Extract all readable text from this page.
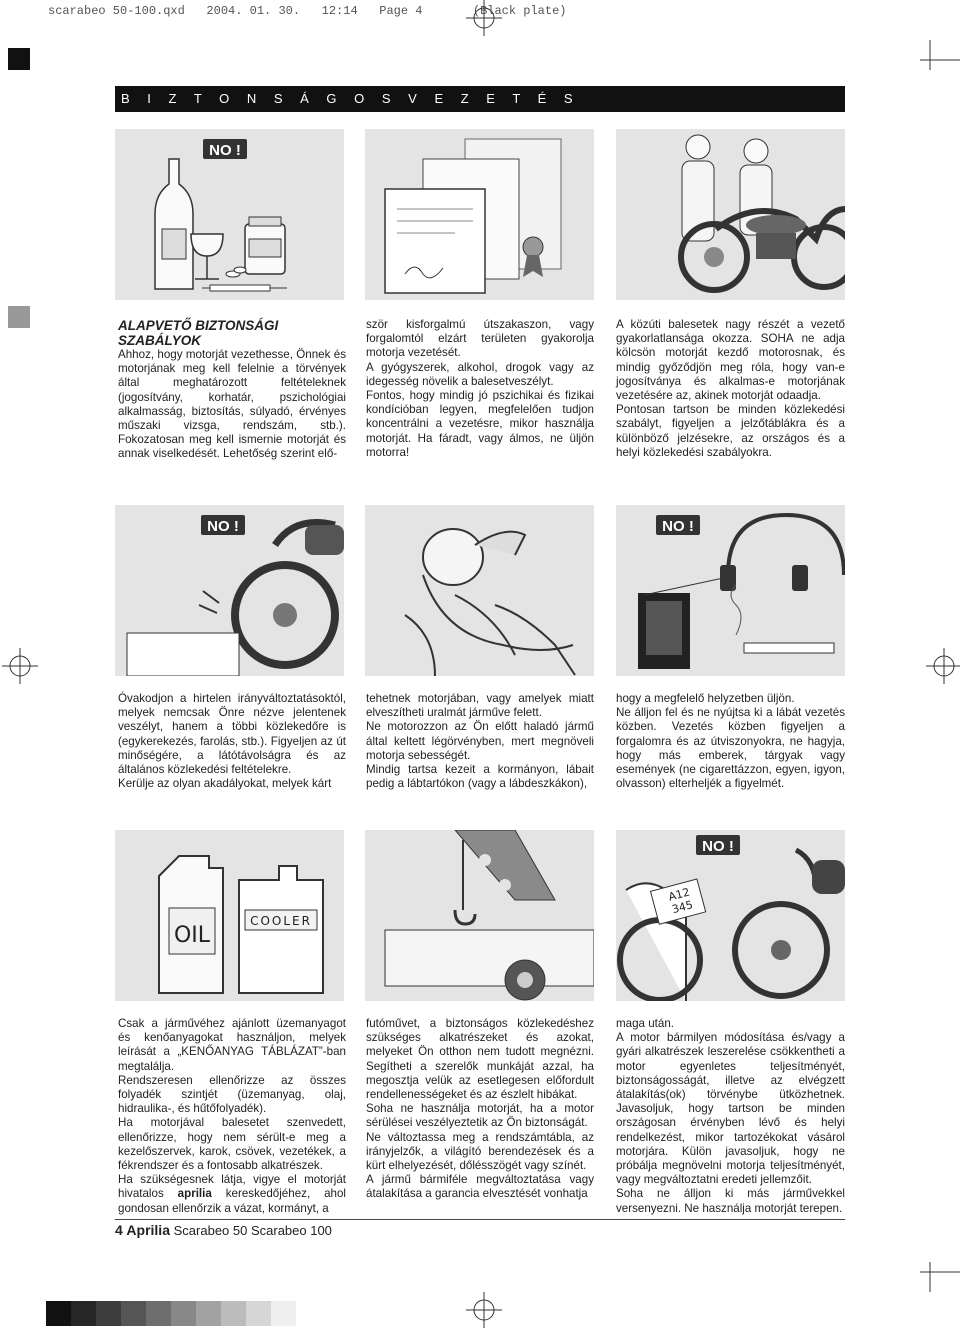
scarabeo 50-100.qxd   2004. 01. 30.   12:14   Page 4       (Black plate)
B I Z T O N S Á G O S V E Z E T É S
NO !
ALAPVETŐ BIZTONSÁGI
SZABÁLYOK
Ahhoz, hogy motorját vezethesse, Önnek és motorjának meg kell felelnie a törvények által meghatározott feltételeknek (jogosítvány, korhatár, pszichológiai alkalmasság, biztosítás, súlyadó, érvényes műszaki vizsga, rendszám, stb.). Fokozatosan meg kell ismernie motorját és annak viselkedését. Lehetőség szerint elő-

ször kisforgalmú útszakaszon, vagy forgalomtól elzárt területen gyakorolja motorja vezetését.

A gyógyszerek, alkohol, drogok vagy az idegesség növelik a balesetveszélyt.

Fontos, hogy mindig jó pszichikai és fizikai kondícióban legyen, megfelelően tudjon koncentrálni a vezetésre, mikor használja motorját. Ha fáradt, vagy álmos, ne üljön motorra!

A közúti balesetek nagy részét a vezető gyakorlatlansága okozza. SOHA ne adja kölcsön motorját kezdő motorosnak, és mindig győződjön meg róla, hogy van-e jogosítványa és alkalmas-e motorjának vezetésére az, akinek motorját odaadja.

Pontosan tartson be minden közlekedési szabályt, figyeljen a jelzőtáblákra és a különböző jelzésekre, az országos és a helyi közlekedési szabályokra.

NO !	NO !

Óvakodjon a hirtelen irányváltoztatásoktól, melyek nemcsak Önre nézve jelentenek veszélyt, hanem a többi közlekedőre is (egykerekezés, farolás, stb.). Figyeljen az út minőségére, a látótávolságra és az általános közlekedési feltételekre.

Kerülje az olyan akadályokat, melyek kárt

tehetnek motorjában, vagy amelyek miatt elveszítheti uralmát járműve felett.

Ne motorozzon az Ön előtt haladó jármű által keltett légörvényben, mert megnöveli motorja sebességét.

Mindig tartsa kezeit a kormányon, lábait pedig a lábtartókon (vagy a lábdeszkákon),

hogy a megfelelő helyzetben üljön.

Ne álljon fel és ne nyújtsa ki a lábát vezetés közben. Vezetés közben figyeljen a forgalomra és az útviszonyokra, ne hagyja, hogy más emberek, tárgyak vagy események (ne cigarettázzon, egyen, igyon, olvasson) elterheljék a figyelmét.

OIL
COOLER
NO !
A12345

Csak a járművéhez ajánlott üzemanyagot és kenőanyagokat használjon, melyek leírását a „KENŐANYAG TÁBLÁZAT”-ban megtalálja.

Rendszeresen ellenőrizze az összes folyadék szintjét (üzemanyag, olaj, hidraulika-, és hűtőfolyadék).

Ha motorjával balesetet szenvedett, ellenőrizze, hogy nem sérült-e meg a kezelőszervek, karok, csövek, vezetékek, a fékrendszer és a fontosabb alkatrészek.

Ha szükségesnek látja, vigye el motorját hivatalos aprilia kereskedőjéhez, ahol gondosan ellenőrzik a vázat, kormányt, a

futóművet, a biztonságos közlekedéshez szükséges alkatrészeket és azokat, melyeket Ön otthon nem tudott megnézni. Segítheti a szerelők munkáját azzal, ha megosztja velük az esetlegesen előfordult rendellenességeket és az észlelt hibákat.

Soha ne használja motorját, ha a motor sérülései veszélyeztetik az Ön biztonságát.

Ne változtassa meg a rendszámtábla, az irányjelzők, a világító berendezések és a kürt elhelyezését, dőlésszögét vagy színét.

A jármű bármiféle megváltoztatása vagy átalakítása a garancia elvesztését vonhatja

maga után.

A motor bármilyen módosítása és/vagy a gyári alkatrészek leszerelése csökkentheti a motor egyenletes teljesítményét, biztonságosságát, illetve az elvégzett átalakítás(ok) törvénybe ütközhetnek. Javasoljuk, hogy tartson be minden országosan érvényben lévő és helyi rendelkezést, mikor tartozékokat vásárol motorjára. Külön javasoljuk, hogy ne próbálja megnövelni motorja teljesítményét, vagy megváltoztatni eredeti jellemzőit.

Soha ne álljon ki más járművekkel versenyezni. Ne használja motorját terepen.

4 Aprilia Scarabeo 50 Scarabeo 100
